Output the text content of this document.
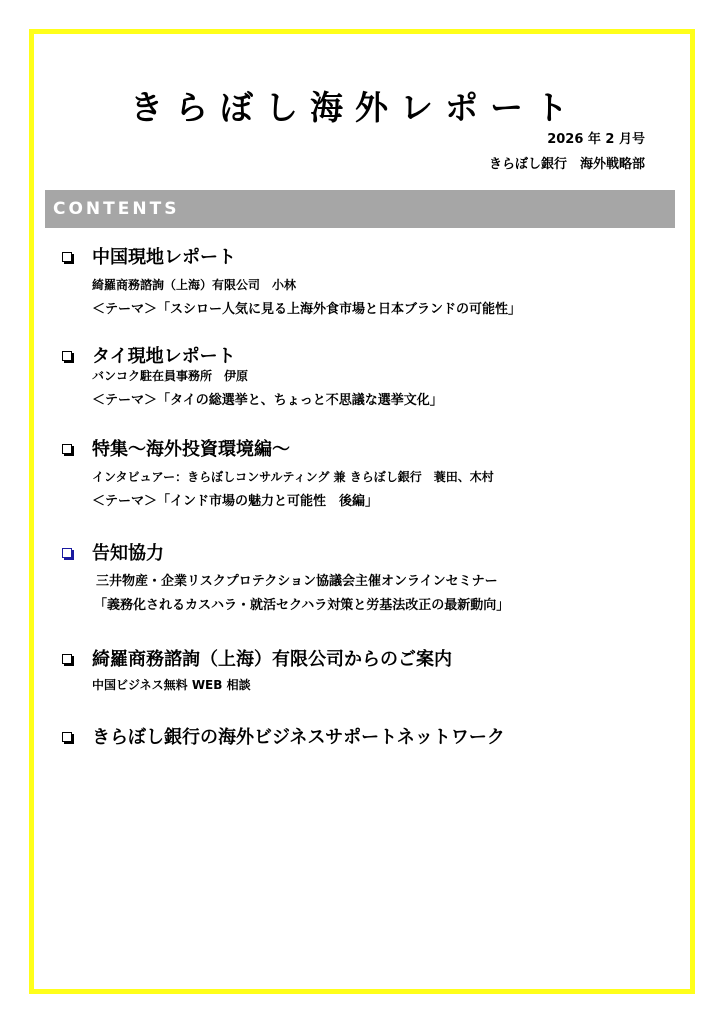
きらぼし海外レポート
2026 年 2 月号
きらぼし銀行　海外戦略部
CONTENTS
中国現地レポート
綺羅商務諮詢（上海）有限公司　小林
＜テーマ＞「スシロー人気に見る上海外食市場と日本ブランドの可能性」
タイ現地レポート
バンコク駐在員事務所　伊原
＜テーマ＞「タイの総選挙と、ちょっと不思議な選挙文化」
特集～海外投資環境編～
インタビュアー：きらぼしコンサルティング 兼 きらぼし銀行　蓑田、木村
＜テーマ＞「インド市場の魅力と可能性　後編」
告知協力
三井物産・企業リスクプロテクション協議会主催オンラインセミナー
「義務化されるカスハラ・就活セクハラ対策と労基法改正の最新動向」
綺羅商務諮詢（上海）有限公司からのご案内
中国ビジネス無料 WEB 相談
きらぼし銀行の海外ビジネスサポートネットワーク
